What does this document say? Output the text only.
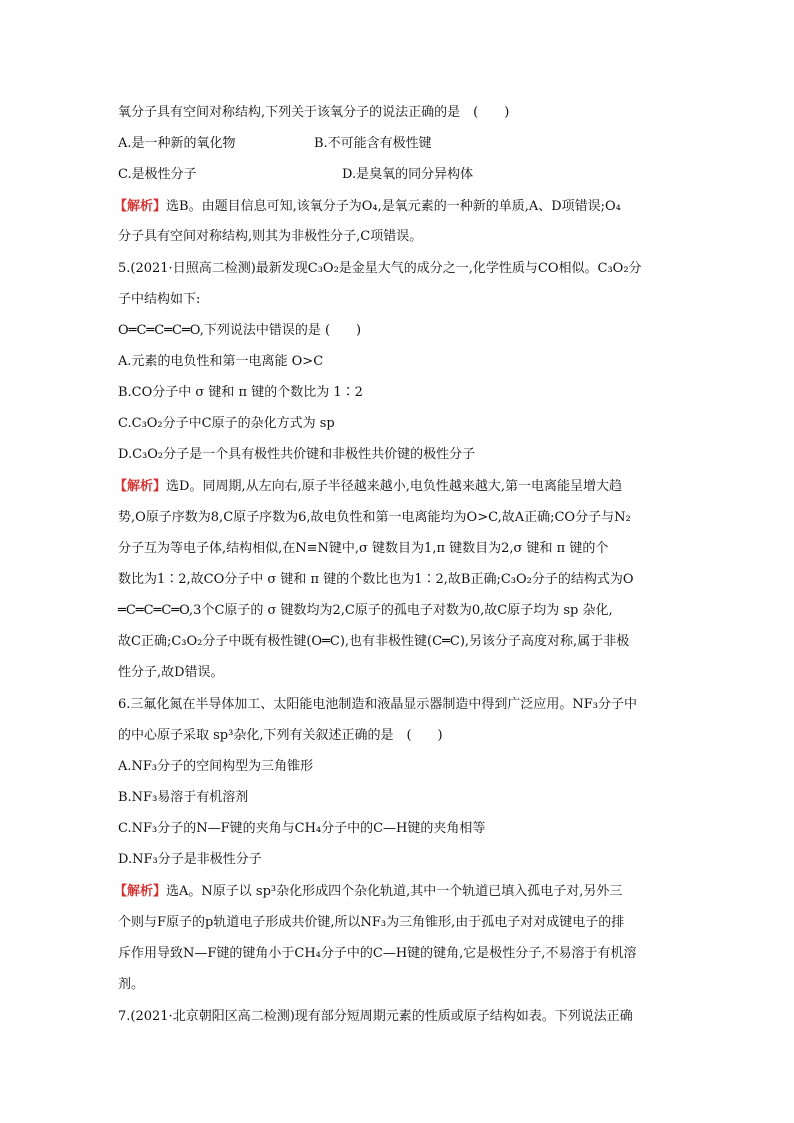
氧分子具有空间对称结构,下列关于该氧分子的说法正确的是　(　　)
A.是一种新的氧化物	B.不可能含有极性键
C.是极性分子	D.是臭氧的同分异构体
【解析】选B。由题目信息可知,该氧分子为O₄,是氧元素的一种新的单质,A、D项错误;O₄
分子具有空间对称结构,则其为非极性分子,C项错误。
5.(2021·日照高二检测)最新发现C₃O₂是金星大气的成分之一,化学性质与CO相似。C₃O₂分
子中结构如下:
O═C═C═C═O,下列说法中错误的是 (　　)
A.元素的电负性和第一电离能 O>C
B.CO分子中 σ 键和 π 键的个数比为 1∶2
C.C₃O₂分子中C原子的杂化方式为 sp
D.C₃O₂分子是一个具有极性共价键和非极性共价键的极性分子
【解析】选D。同周期,从左向右,原子半径越来越小,电负性越来越大,第一电离能呈增大趋
势,O原子序数为8,C原子序数为6,故电负性和第一电离能均为O>C,故A正确;CO分子与N₂
分子互为等电子体,结构相似,在N≡N键中,σ 键数目为1,π 键数目为2,σ 键和 π 键的个
数比为1∶2,故CO分子中 σ 键和 π 键的个数比也为1∶2,故B正确;C₃O₂分子的结构式为O
═C═C═C═O,3个C原子的 σ 键数均为2,C原子的孤电子对数为0,故C原子均为 sp 杂化,
故C正确;C₃O₂分子中既有极性键(O═C),也有非极性键(C═C),另该分子高度对称,属于非极
性分子,故D错误。
6.三氟化氮在半导体加工、太阳能电池制造和液晶显示器制造中得到广泛应用。NF₃分子中
的中心原子采取 sp³杂化,下列有关叙述正确的是　(　　)
A.NF₃分子的空间构型为三角锥形
B.NF₃易溶于有机溶剂
C.NF₃分子的N—F键的夹角与CH₄分子中的C—H键的夹角相等
D.NF₃分子是非极性分子
【解析】选A。N原子以 sp³杂化形成四个杂化轨道,其中一个轨道已填入孤电子对,另外三
个则与F原子的p轨道电子形成共价键,所以NF₃为三角锥形,由于孤电子对对成键电子的排
斥作用导致N—F键的键角小于CH₄分子中的C—H键的键角,它是极性分子,不易溶于有机溶
剂。
7.(2021·北京朝阳区高二检测)现有部分短周期元素的性质或原子结构如表。下列说法正确
